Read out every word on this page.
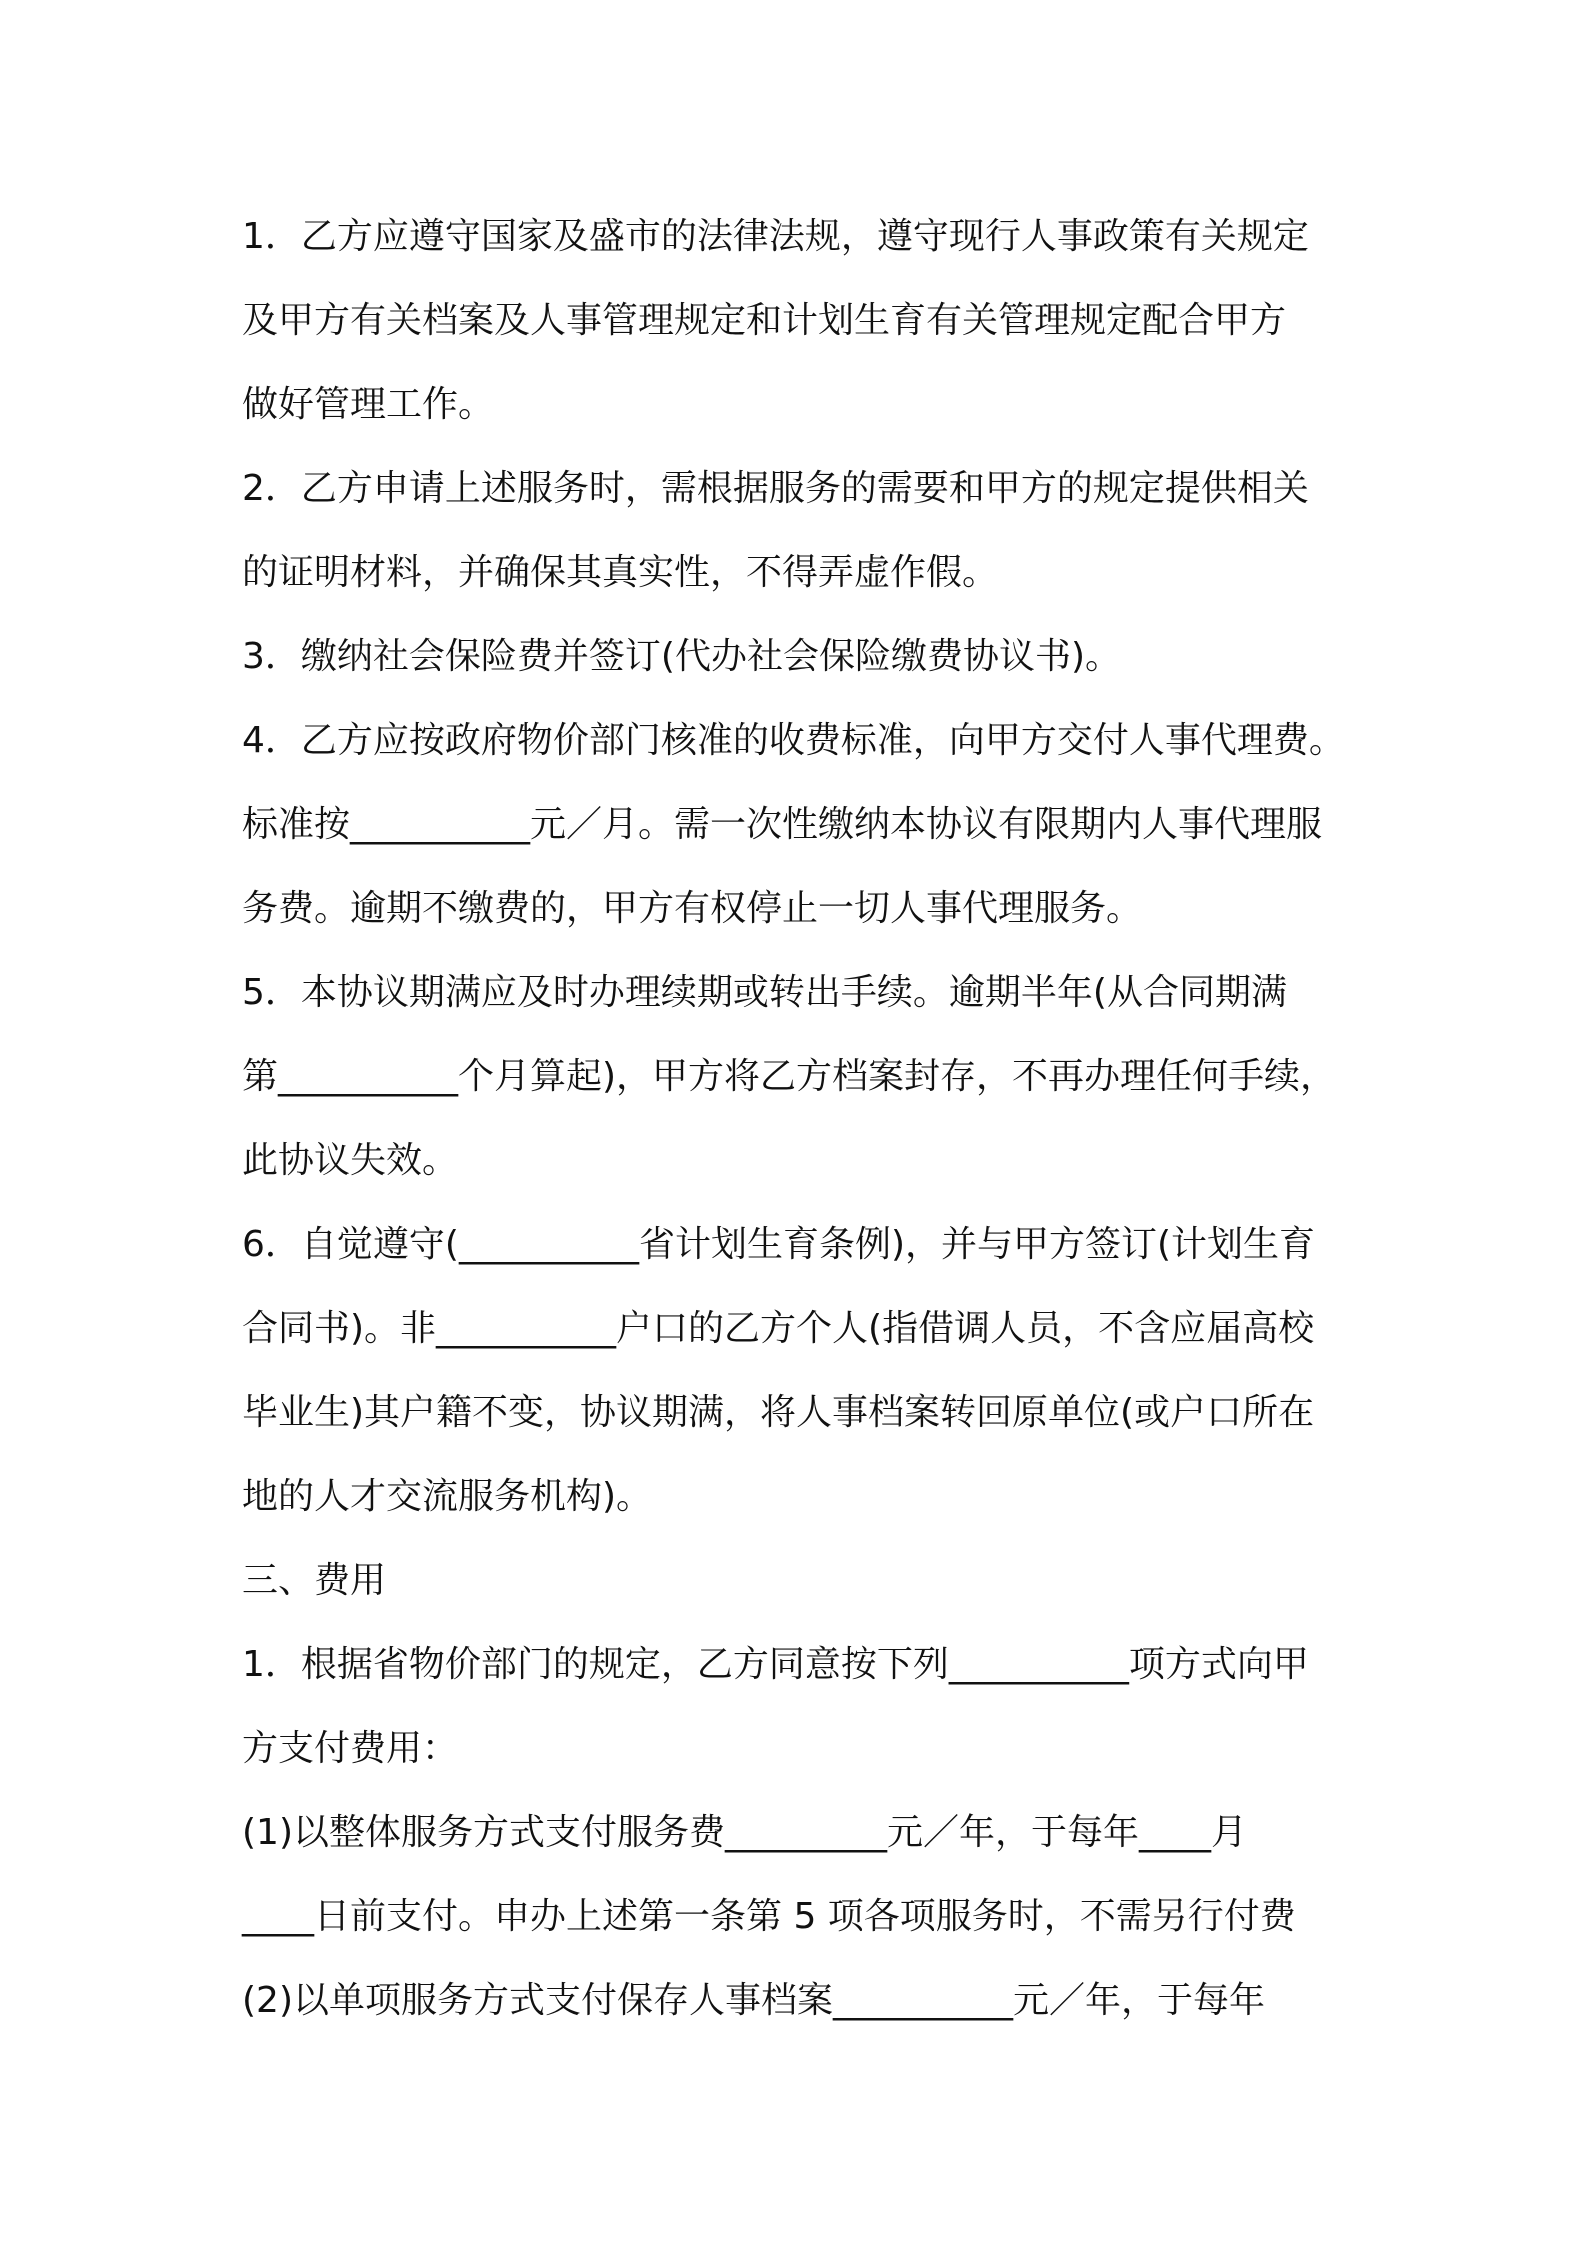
1．乙方应遵守国家及盛市的法律法规，遵守现行人事政策有关规定
及甲方有关档案及人事管理规定和计划生育有关管理规定配合甲方
做好管理工作。
2．乙方申请上述服务时，需根据服务的需要和甲方的规定提供相关
的证明材料，并确保其真实性，不得弄虚作假。
3．缴纳社会保险费并签订(代办社会保险缴费协议书)。
4．乙方应按政府物价部门核准的收费标准，向甲方交付人事代理费。
标准按__________元／月。需一次性缴纳本协议有限期内人事代理服
务费。逾期不缴费的，甲方有权停止一切人事代理服务。
5．本协议期满应及时办理续期或转出手续。逾期半年(从合同期满
第__________个月算起)，甲方将乙方档案封存，不再办理任何手续，
此协议失效。
6．自觉遵守(__________省计划生育条例)，并与甲方签订(计划生育
合同书)。非__________户口的乙方个人(指借调人员，不含应届高校
毕业生)其户籍不变，协议期满，将人事档案转回原单位(或户口所在
地的人才交流服务机构)。
三、费用
1．根据省物价部门的规定，乙方同意按下列__________项方式向甲
方支付费用：
(1)以整体服务方式支付服务费_________元／年，于每年____月
____日前支付。申办上述第一条第 5 项各项服务时，不需另行付费
(2)以单项服务方式支付保存人事档案__________元／年，于每年
